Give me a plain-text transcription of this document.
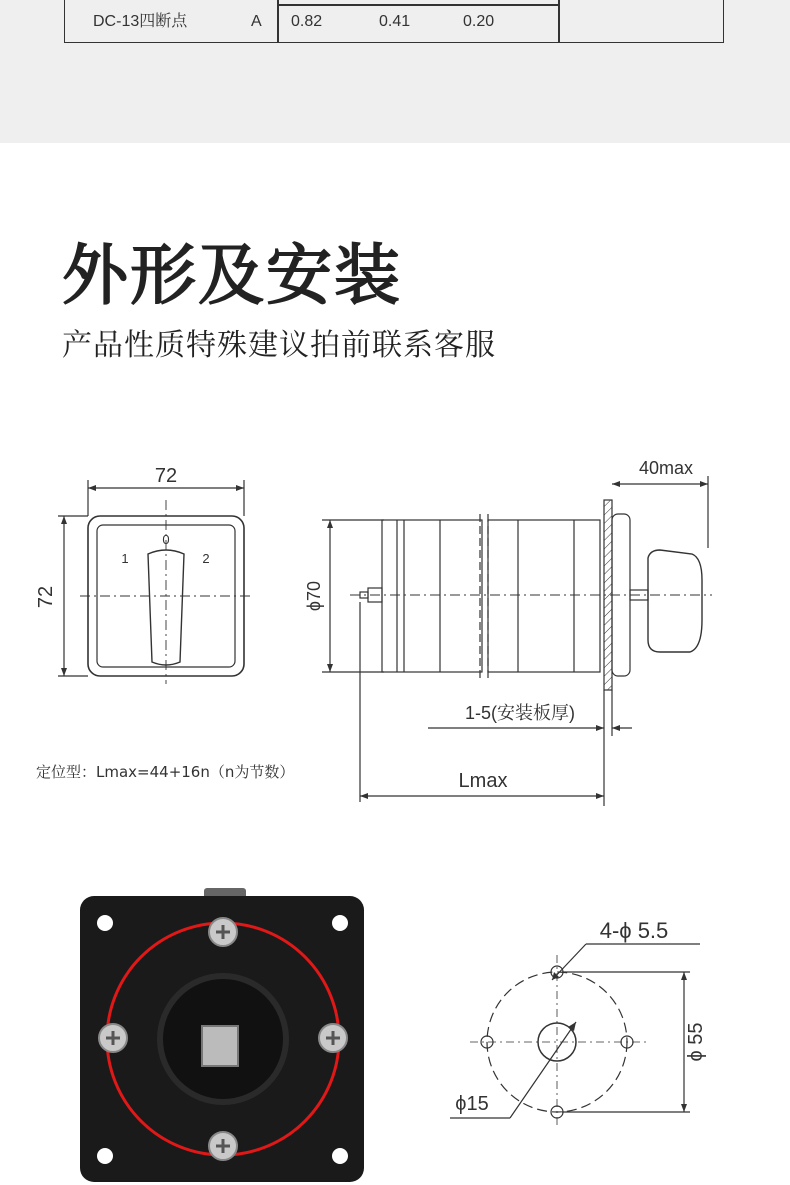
DC-13四断点	A 0.82	0.41	0.20
外形及安装
产品性质特殊建议拍前联系客服
72
72
1
0
2
ϕ70
40max
1-5(安装板厚)
Lmax
定位型：Lmax=44+16n（n为节数）
4-ϕ 5.5
ϕ 55
ϕ15
